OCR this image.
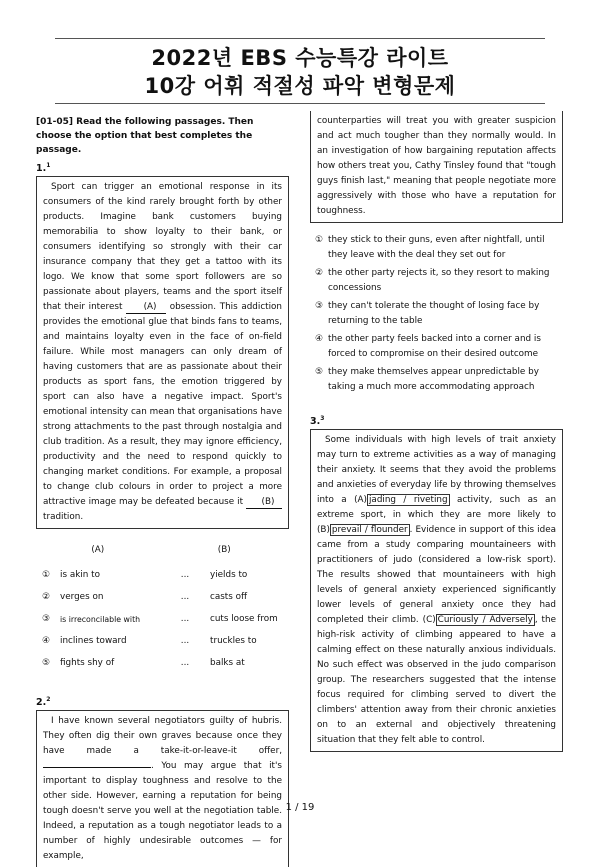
2022년 EBS 수능특강 라이트
10강 어휘 적절성 파악 변형문제
[01-05] Read the following passages. Then choose the option that best completes the passage.
1.$^1$

Sport can trigger an emotional response in its consumers of the kind rarely brought forth by other products. Imagine bank customers buying memorabilia to show loyalty to their bank, or consumers identifying so strongly with their car insurance company that they get a tattoo with its logo. We know that some sport followers are so passionate about players, teams and the sport itself that their interest (A) obsession. This addiction provides the emotional glue that binds fans to teams, and maintains loyalty even in the face of on-field failure. While most managers can only dream of having customers that are as passionate about their products as sport fans, the emotion triggered by sport can also have a negative impact. Sport's emotional intensity can mean that organisations have strong attachments to the past through nostalgia and club tradition. As a result, they may ignore efficiency, productivity and the need to respond quickly to changing market conditions. For example, a proposal to change club colours in order to project a more attractive image may be defeated because it (B) tradition.

(A)	(B)
①	is akin to	...	yields to
②	verges on	...	casts off
③	is irreconcilable with	...	cuts loose from
④	inclines toward	...	truckles to
⑤	fights shy of	...	balks at
2.$^2$

I have known several negotiators guilty of hubris. They often dig their own graves because once they have made a take-it-or-leave-it offer, . You may argue that it's important to display toughness and resolve to the other side. However, earning a reputation for being tough doesn't serve you well at the negotiation table. Indeed, a reputation as a tough negotiator leads to a number of highly undesirable outcomes — for example,

counterparties will treat you with greater suspicion and act much tougher than they normally would. In an investigation of how bargaining reputation affects how others treat you, Cathy Tinsley found that "tough guys finish last," meaning that people negotiate more aggressively with those who have a reputation for toughness.

① they stick to their guns, even after nightfall, until they leave with the deal they set out for
② the other party rejects it, so they resort to making concessions
③ they can't tolerate the thought of losing face by returning to the table
④ the other party feels backed into a corner and is forced to compromise on their desired outcome
⑤ they make themselves appear unpredictable by taking a much more accommodating approach
3.$^3$

Some individuals with high levels of trait anxiety may turn to extreme activities as a way of managing their anxiety. It seems that they avoid the problems and anxieties of everyday life by throwing themselves into a (A) jading / riveting activity, such as an extreme sport, in which they are more likely to (B) prevail / flounder . Evidence in support of this idea came from a study comparing mountaineers with practitioners of judo (considered a low-risk sport). The results showed that mountaineers with high levels of general anxiety experienced significantly lower levels of general anxiety once they had completed their climb. (C) Curiously / Adversely , the high-risk activity of climbing appeared to have a calming effect on these naturally anxious individuals. No such effect was observed in the judo comparison group. The researchers suggested that the intense focus required for climbing served to divert the climbers' attention away from their chronic anxieties on to an external and objectively threatening situation that they felt able to control.

1 / 19
